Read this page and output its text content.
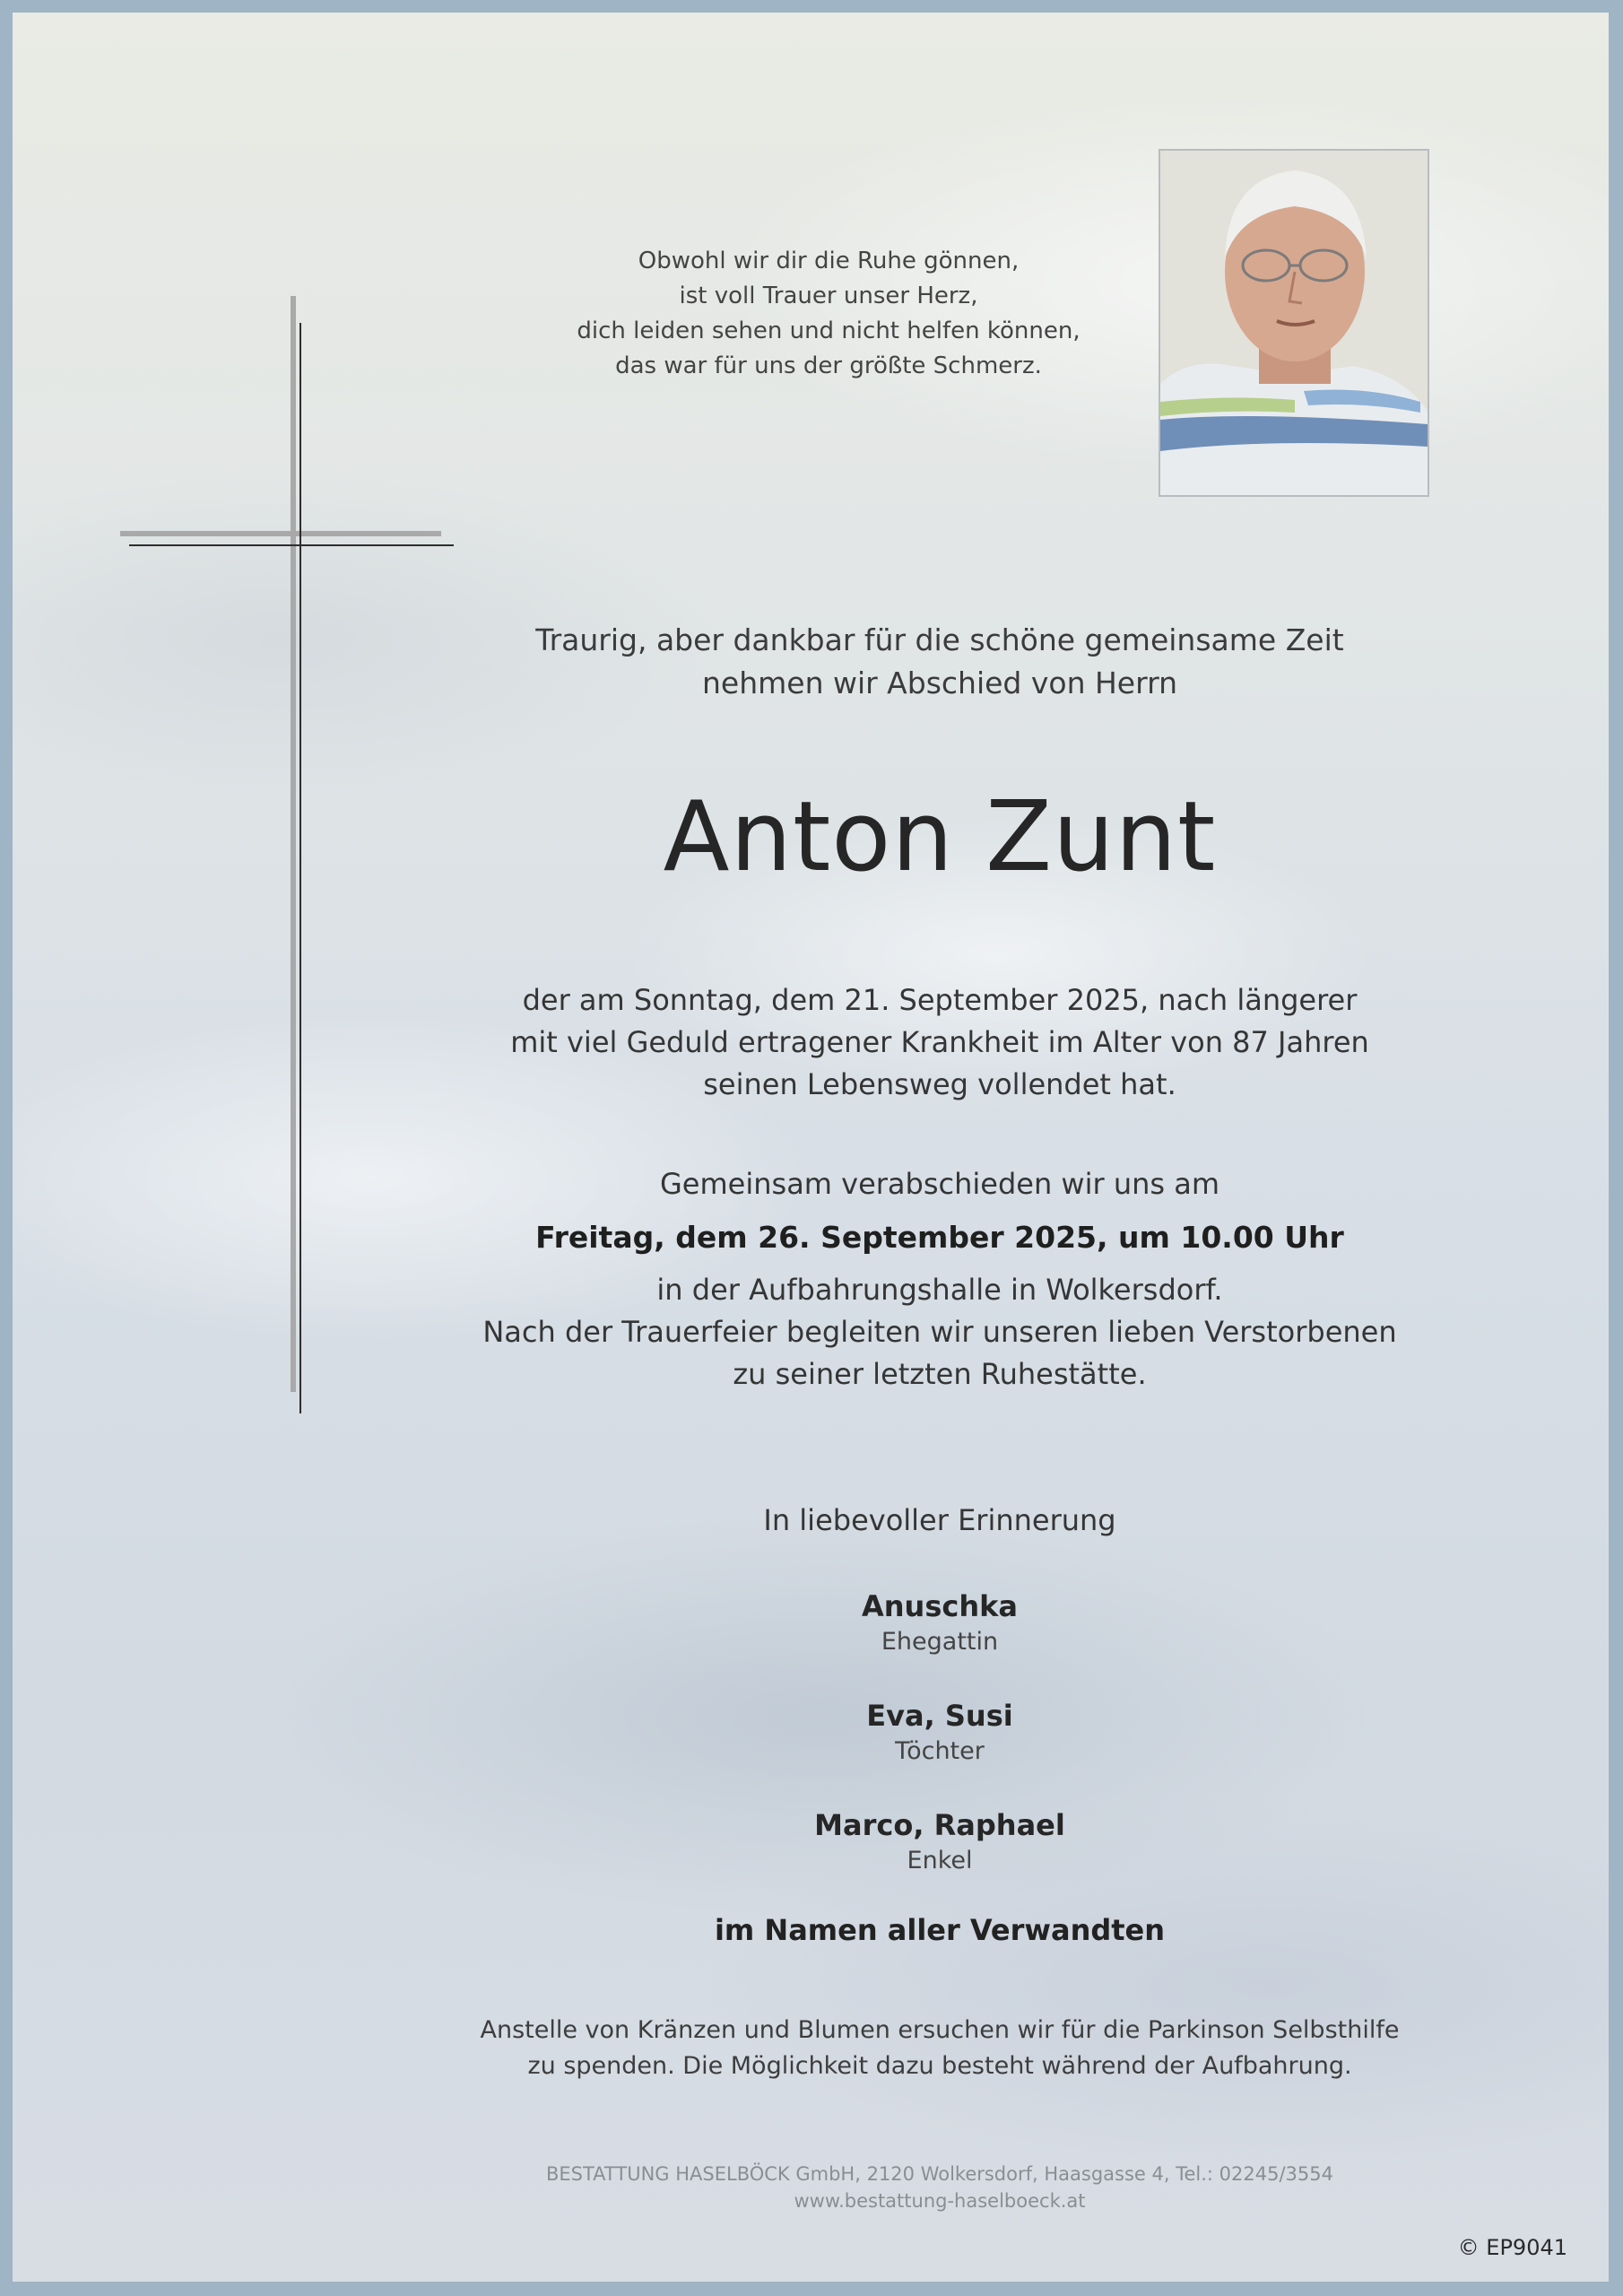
Obwohl wir dir die Ruhe gönnen,
ist voll Trauer unser Herz,
dich leiden sehen und nicht helfen können,
das war für uns der größte Schmerz.
Traurig, aber dankbar für die schöne gemeinsame Zeit
nehmen wir Abschied von Herrn
Anton Zunt
der am Sonntag, dem 21. September 2025, nach längerer
mit viel Geduld ertragener Krankheit im Alter von 87 Jahren
seinen Lebensweg vollendet hat.
Gemeinsam verabschieden wir uns am
Freitag, dem 26. September 2025, um 10.00 Uhr
in der Aufbahrungshalle in Wolkersdorf.
Nach der Trauerfeier begleiten wir unseren lieben Verstorbenen
zu seiner letzten Ruhestätte.
In liebevoller Erinnerung
Anuschka
Ehegattin
Eva, Susi
Töchter
Marco, Raphael
Enkel
im Namen aller Verwandten
Anstelle von Kränzen und Blumen ersuchen wir für die Parkinson Selbsthilfe
zu spenden. Die Möglichkeit dazu besteht während der Aufbahrung.
BESTATTUNG HASELBÖCK GmbH, 2120 Wolkersdorf, Haasgasse 4, Tel.: 02245/3554
www.bestattung-haselboeck.at
© EP9041
